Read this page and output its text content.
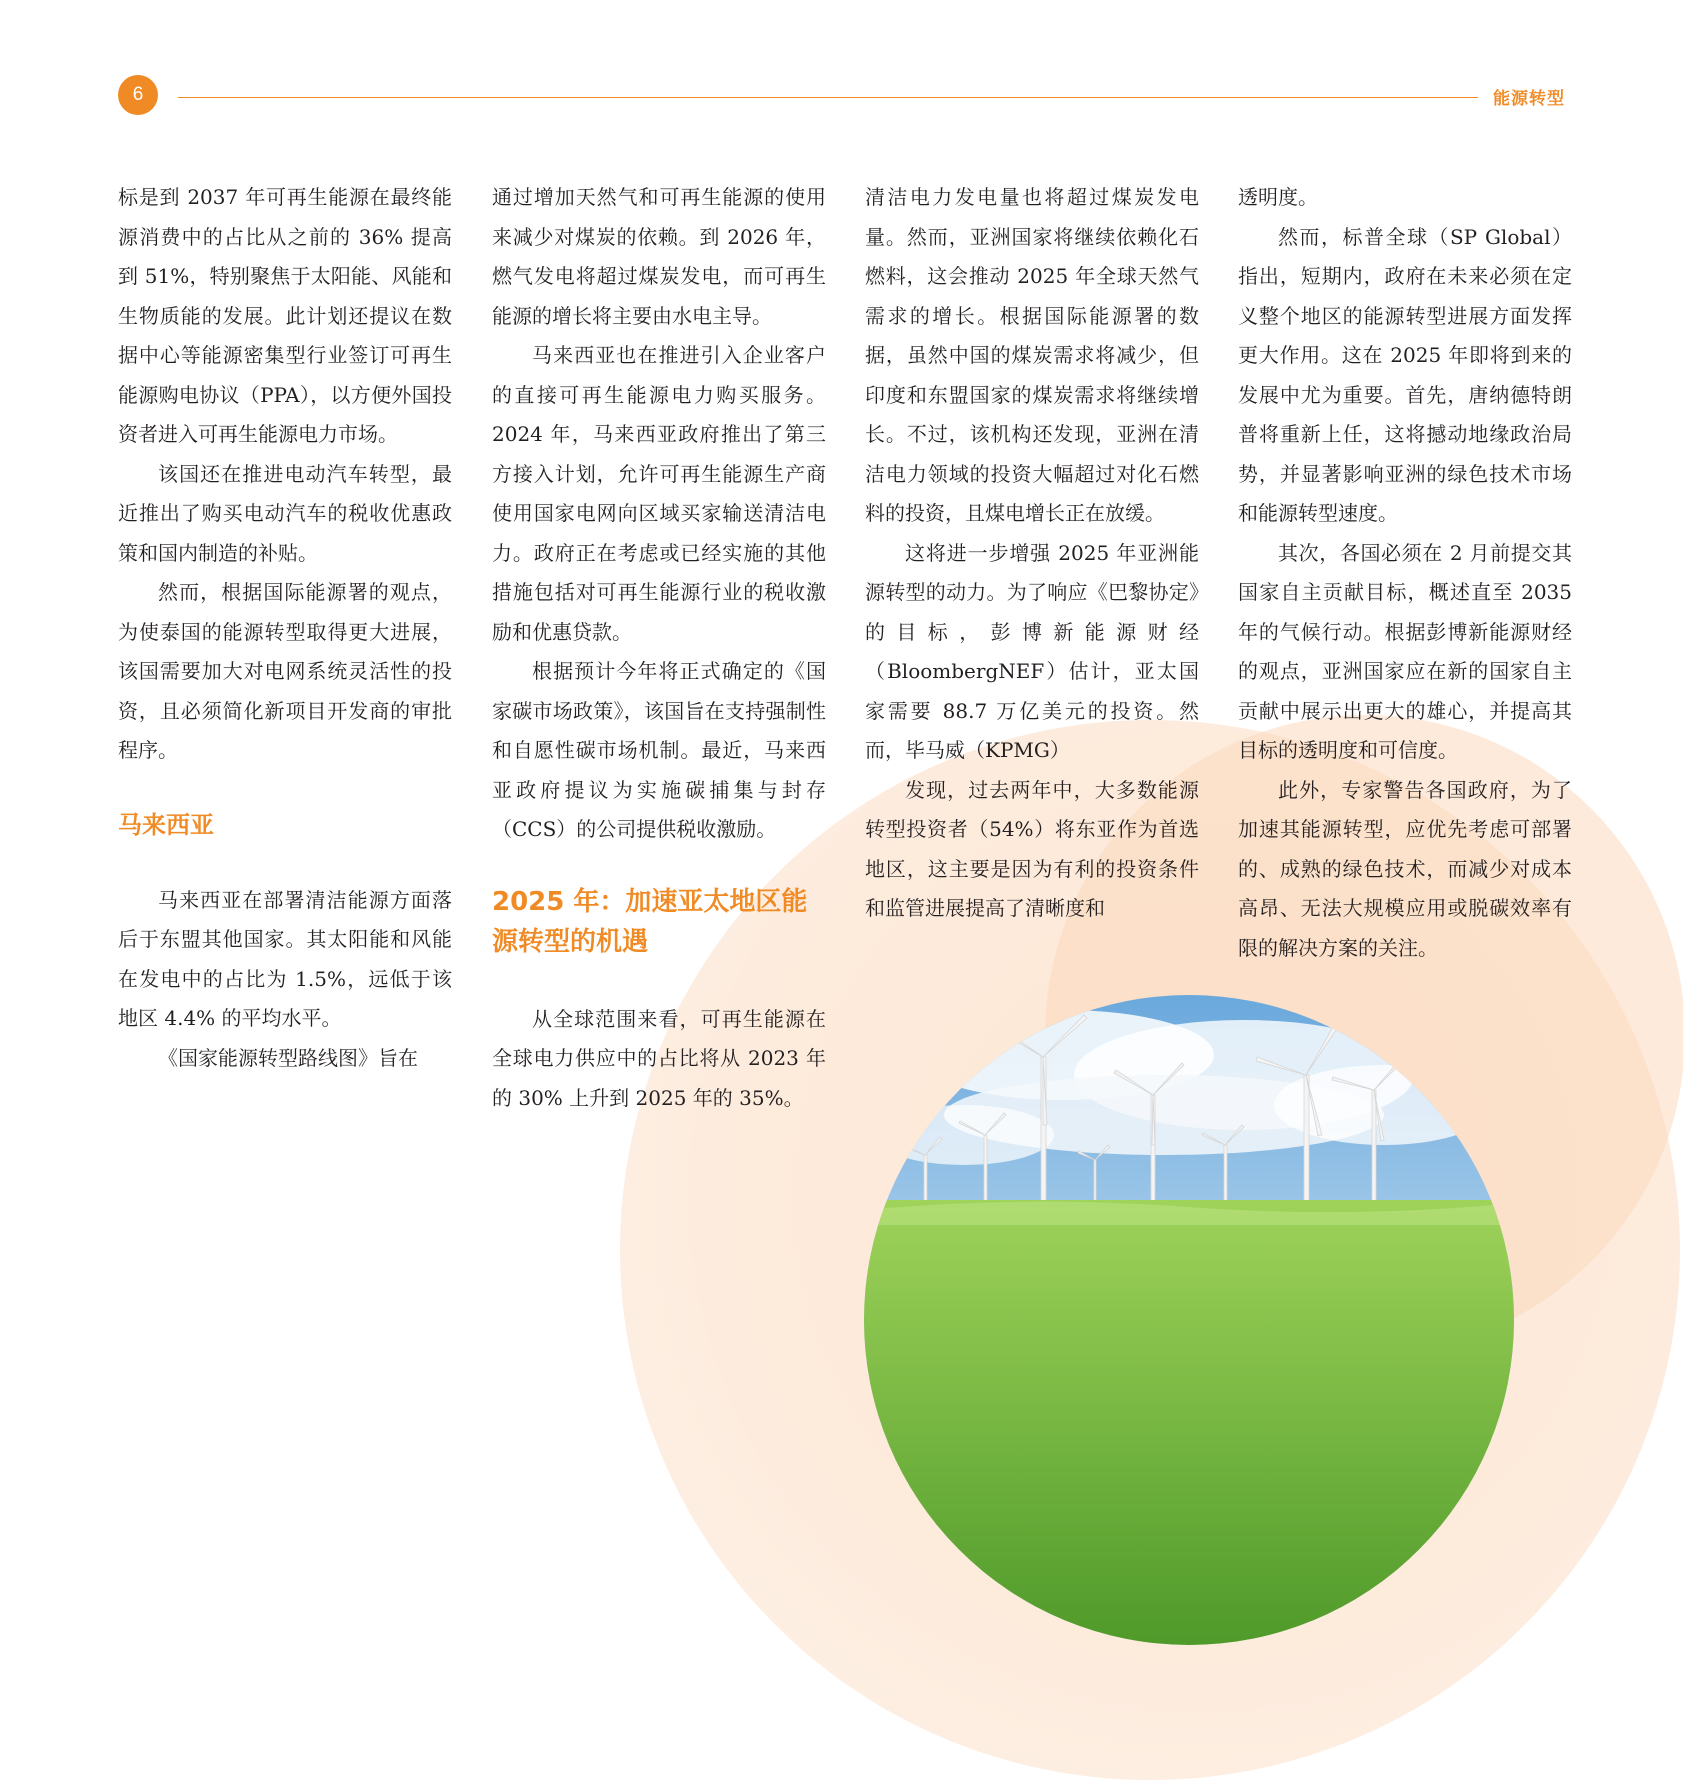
6	能源转型

标是到 2037 年可再生能源在最终能源消费中的占比从之前的 36% 提高到 51%，特别聚焦于太阳能、风能和生物质能的发展。此计划还提议在数据中心等能源密集型行业签订可再生能源购电协议（PPA），以方便外国投资者进入可再生能源电力市场。

该国还在推进电动汽车转型，最近推出了购买电动汽车的税收优惠政策和国内制造的补贴。

然而，根据国际能源署的观点，为使泰国的能源转型取得更大进展，该国需要加大对电网系统灵活性的投资，且必须简化新项目开发商的审批程序。

马来西亚

马来西亚在部署清洁能源方面落后于东盟其他国家。其太阳能和风能在发电中的占比为 1.5%，远低于该地区 4.4% 的平均水平。

《国家能源转型路线图》旨在

通过增加天然气和可再生能源的使用来减少对煤炭的依赖。到 2026 年，燃气发电将超过煤炭发电，而可再生能源的增长将主要由水电主导。

马来西亚也在推进引入企业客户的直接可再生能源电力购买服务。2024 年，马来西亚政府推出了第三方接入计划，允许可再生能源生产商使用国家电网向区域买家输送清洁电力。政府正在考虑或已经实施的其他措施包括对可再生能源行业的税收激励和优惠贷款。

根据预计今年将正式确定的《国家碳市场政策》，该国旨在支持强制性和自愿性碳市场机制。最近，马来西亚政府提议为实施碳捕集与封存（CCS）的公司提供税收激励。

2025 年：加速亚太地区能源转型的机遇

从全球范围来看，可再生能源在全球电力供应中的占比将从 2023 年的 30% 上升到 2025 年的 35%。

清洁电力发电量也将超过煤炭发电量。然而，亚洲国家将继续依赖化石燃料，这会推动 2025 年全球天然气需求的增长。根据国际能源署的数据，虽然中国的煤炭需求将减少，但印度和东盟国家的煤炭需求将继续增长。不过，该机构还发现，亚洲在清洁电力领域的投资大幅超过对化石燃料的投资，且煤电增长正在放缓。

这将进一步增强 2025 年亚洲能源转型的动力。为了响应《巴黎协定》的目标，彭博新能源财经（BloombergNEF）估计，亚太国家需要 88.7 万亿美元的投资。然而，毕马威（KPMG）

发现，过去两年中，大多数能源转型投资者（54%）将东亚作为首选地区，这主要是因为有利的投资条件和监管进展提高了清晰度和

透明度。

然而，标普全球（SP Global）指出，短期内，政府在未来必须在定义整个地区的能源转型进展方面发挥更大作用。这在 2025 年即将到来的发展中尤为重要。首先，唐纳德特朗普将重新上任，这将撼动地缘政治局势，并显著影响亚洲的绿色技术市场和能源转型速度。

其次，各国必须在 2 月前提交其国家自主贡献目标，概述直至 2035 年的气候行动。根据彭博新能源财经的观点，亚洲国家应在新的国家自主贡献中展示出更大的雄心，并提高其目标的透明度和可信度。

此外，专家警告各国政府，为了加速其能源转型，应优先考虑可部署的、成熟的绿色技术，而减少对成本高昂、无法大规模应用或脱碳效率有限的解决方案的关注。
